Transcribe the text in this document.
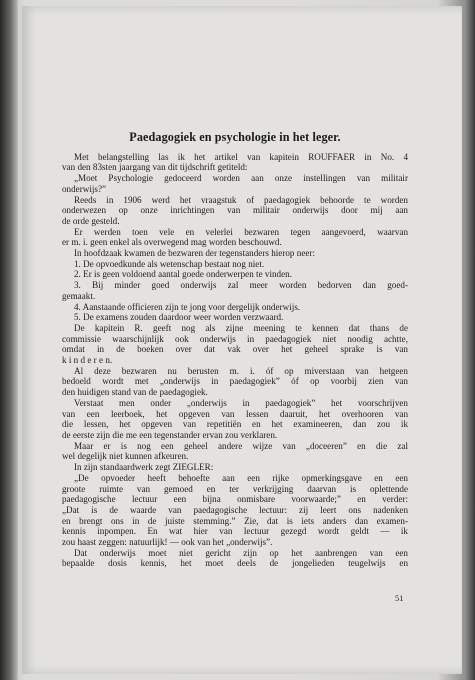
Paedagogiek en psychologie in het leger.
Met belangstelling las ik het artikel van kapitein ROUFFAER in No. 4
van den 83sten jaargang van dit tijdschrift getiteld:
„Moet Psychologie gedoceerd worden aan onze instellingen van militair
onderwijs?”
Reeds in 1906 werd het vraagstuk of paedagogiek behoorde te worden
onderwezen op onze inrichtingen van militair onderwijs door mij aan
de orde gesteld.
Er werden toen vele en velerlei bezwaren tegen aangevoerd, waarvan
er m. i. geen enkel als overwegend mag worden beschouwd.
In hoofdzaak kwamen de bezwaren der tegenstanders hierop neer:
1. De opvoedkunde als wetenschap bestaat nog niet.
2. Er is geen voldoend aantal goede onderwerpen te vinden.
3. Bij minder goed onderwijs zal meer worden bedorven dan goed-
gemaakt.
4. Aanstaande officieren zijn te jong voor dergelijk onderwijs.
5. De examens zouden daardoor weer worden verzwaard.
De kapitein R. geeft nog als zijne meening te kennen dat thans de
commissie waarschijnlijk ook onderwijs in paedagogiek niet noodig achtte,
omdat in de boeken over dat vak over het geheel sprake is van
k i n d e r e n.
Al deze bezwaren nu berusten m. i. óf op miverstaan van hetgeen
bedoeld wordt met „onderwijs in paedagogiek” óf op voorbij zien van
den huidigen stand van de paedagogiek.
Verstaat men onder „onderwijs in paedagogiek” het voorschrijven
van een leerboek, het opgeven van lessen daaruit, het overhooren van
die lessen, het opgeven van repetitiën en het examineeren, dan zou ik
de eerste zijn die me een tegenstander ervan zou verklaren.
Maar er is nog een geheel andere wijze van „doceeren” en die zal
wel degelijk niet kunnen afkeuren.
In zijn standaardwerk zegt ZIEGLER:
„De opvoeder heeft behoefte aan een rijke opmerkingsgave en een
groote ruimte van gemoed en ter verkrijging daarvan is oplettende
paedagogische lectuur een bijna onmisbare voorwaarde;” en verder:
„Dat is de waarde van paedagogische lectuur: zij leert ons nadenken
en brengt ons in de juiste stemming.” Zie, dat is iets anders dan examen-
kennis inpompen. En wat hier van lectuur gezegd wordt geldt — ik
zou haast zeggen: natuurlijk! — ook van het „onderwijs”.
Dat onderwijs moet niet gericht zijn op het aanbrengen van een
bepaalde dosis kennis, het moet deels de jongelieden teugelwijs en
51
